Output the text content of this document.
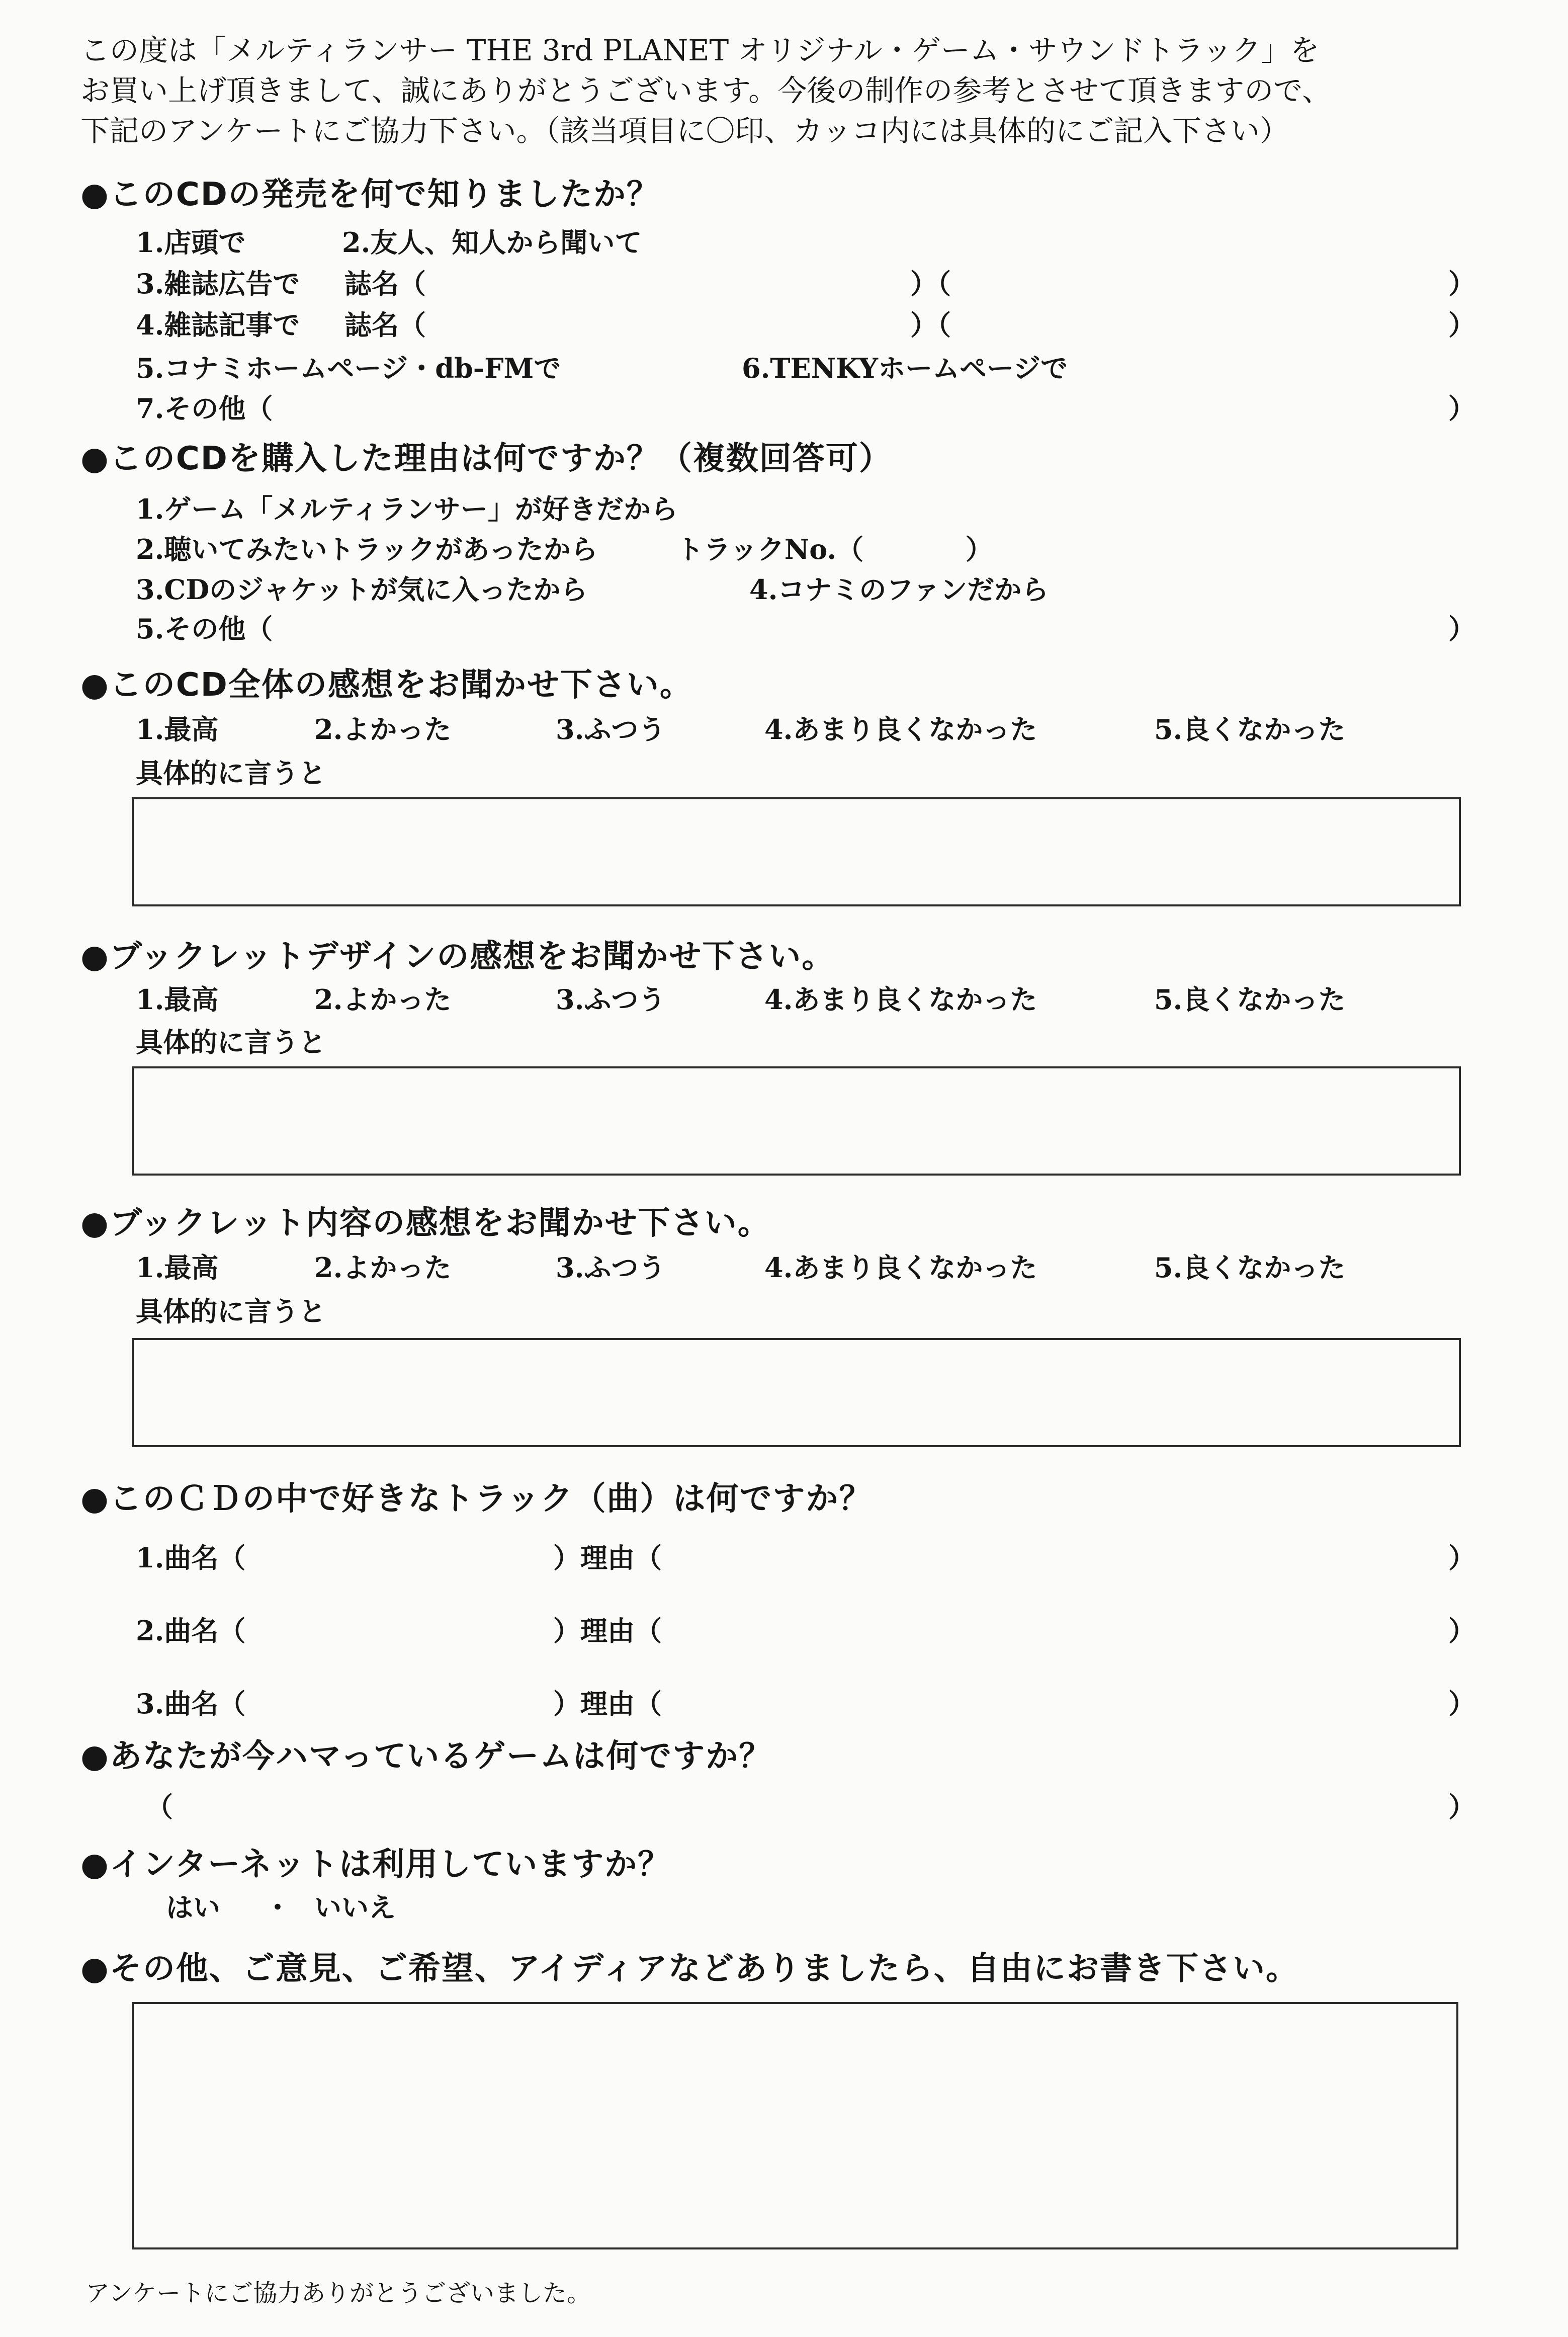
この度は「メルティランサー THE 3rd PLANET オリジナル・ゲーム・サウンドトラック」を
お買い上げ頂きまして、誠にありがとうございます。今後の制作の参考とさせて頂きますので、
下記のアンケートにご協力下さい。（該当項目に〇印、カッコ内には具体的にご記入下さい）
● このCDの発売を何で知りましたか？
1.店頭で	2.友人、知人から聞いて
3.雑誌広告で 誌名（	）（	）
4.雑誌記事で 誌名（	）（	）
5.コナミホームページ・db-FMで	6.TENKYホームページで
7.その他（	）
● このCDを購入した理由は何ですか？（複数回答可）
1.ゲーム「メルティランサー」が好きだから
2.聴いてみたいトラックがあったから	トラックNo.（	）
3.CDのジャケットが気に入ったから	4.コナミのファンだから
5.その他（	）
● このCD全体の感想をお聞かせ下さい。
1.最高	2.よかった	3.ふつう	4.あまり良くなかった	5.良くなかった
具体的に言うと
● ブックレットデザインの感想をお聞かせ下さい。
1.最高	2.よかった	3.ふつう	4.あまり良くなかった	5.良くなかった
具体的に言うと
● ブックレット内容の感想をお聞かせ下さい。
1.最高	2.よかった	3.ふつう	4.あまり良くなかった	5.良くなかった
具体的に言うと
● このＣＤの中で好きなトラック（曲）は何ですか？
1.曲名（	）理由（	）
2.曲名（	）理由（	）
3.曲名（	）理由（	）
● あなたが今ハマっているゲームは何ですか？
（	）
● インターネットは利用していますか？
はい ・ いいえ
● その他、ご意見、ご希望、アイディアなどありましたら、自由にお書き下さい。
アンケートにご協力ありがとうございました。
